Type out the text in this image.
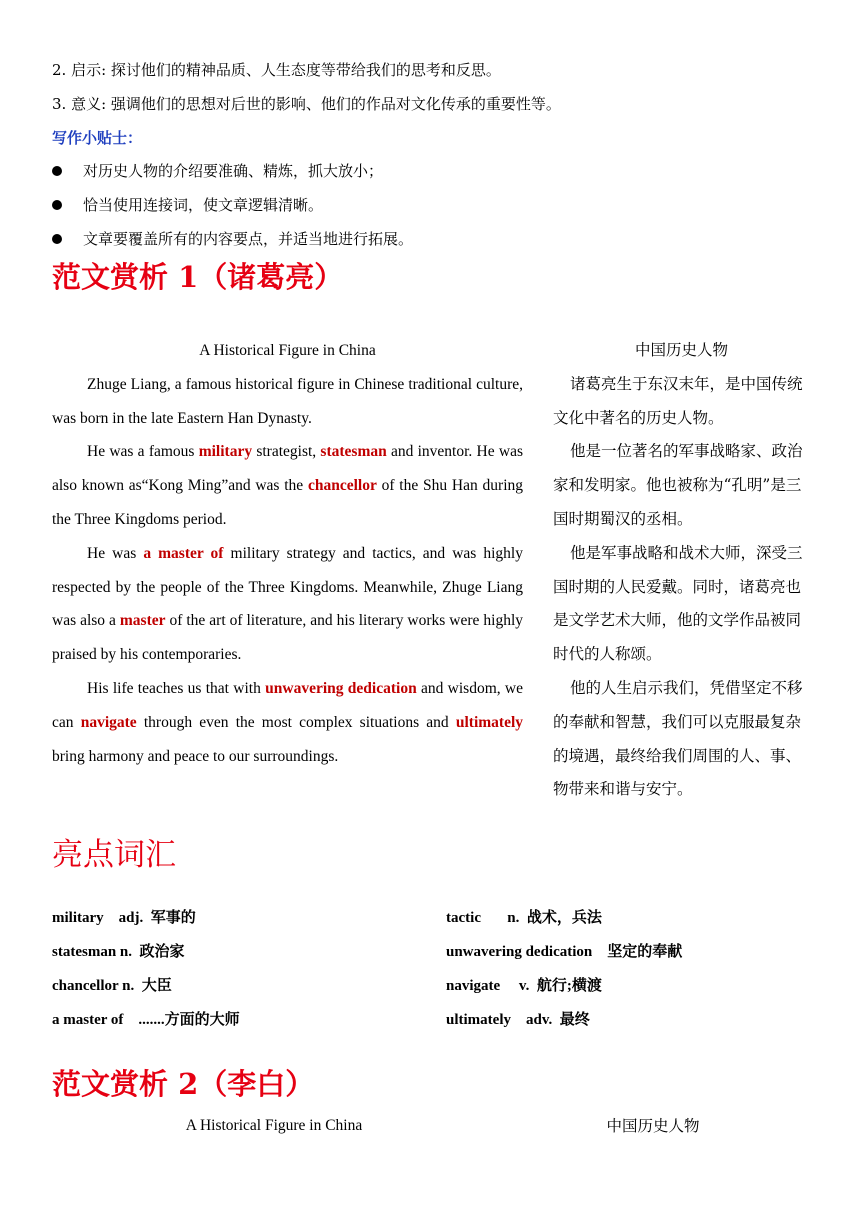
2. 启示: 探讨他们的精神品质、人生态度等带给我们的思考和反思。
3. 意义: 强调他们的思想对后世的影响、他们的作品对文化传承的重要性等。
写作小贴士：
对历史人物的介绍要准确、精炼，抓大放小；
恰当使用连接词，使文章逻辑清晰。
文章要覆盖所有的内容要点，并适当地进行拓展。
范文赏析 1（诸葛亮）

A Historical Figure in China

Zhuge Liang, a famous historical figure in Chinese traditional culture, was born in the late Eastern Han Dynasty.

He was a famous military strategist, statesman and inventor. He was also known as“Kong Ming”and was the chancellor of the Shu Han during the Three Kingdoms period.

He was a master of military strategy and tactics, and was highly respected by the people of the Three Kingdoms. Meanwhile, Zhuge Liang was also a master of the art of literature, and his literary works were highly praised by his contemporaries.

His life teaches us that with unwavering dedication and wisdom, we can navigate through even the most complex situations and ultimately bring harmony and peace to our surroundings.

中国历史人物

诸葛亮生于东汉末年，是中国传统文化中著名的历史人物。

他是一位著名的军事战略家、政治家和发明家。他也被称为“孔明”是三国时期蜀汉的丞相。

他是军事战略和战术大师，深受三国时期的人民爱戴。同时，诸葛亮也是文学艺术大师，他的文学作品被同时代的人称颂。

他的人生启示我们，凭借坚定不移的奉献和智慧，我们可以克服最复杂的境遇，最终给我们周围的人、事、物带来和谐与安宁。

亮点词汇
military    adj.  军事的
statesman n.  政治家
chancellor n.  大臣
a master of    .......方面的大师
tactic       n.  战术，兵法
unwavering dedication    坚定的奉献
navigate     v.  航行;横渡
ultimately    adv.  最终
范文赏析 2（李白）
A Historical Figure in China	中国历史人物
